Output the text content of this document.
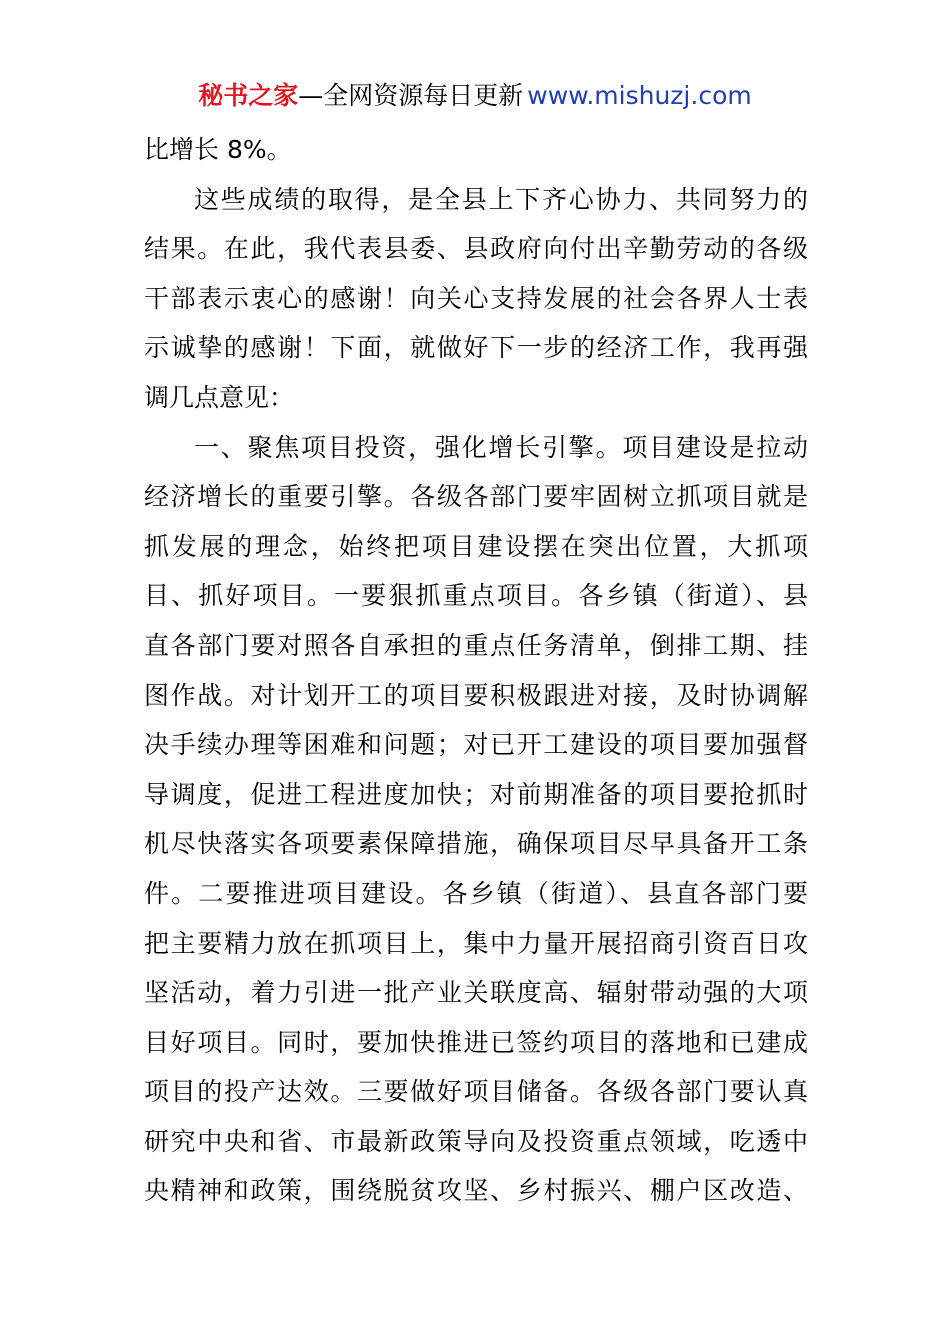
秘书之家—全网资源每日更新 www.mishuzj.com
比增长 8%。
这些成绩的取得，是全县上下齐心协力、共同努力的
结果。在此，我代表县委、县政府向付出辛勤劳动的各级
干部表示衷心的感谢！向关心支持发展的社会各界人士表
示诚挚的感谢！下面，就做好下一步的经济工作，我再强
调几点意见：
一、聚焦项目投资，强化增长引擎。项目建设是拉动
经济增长的重要引擎。各级各部门要牢固树立抓项目就是
抓发展的理念，始终把项目建设摆在突出位置，大抓项
目、抓好项目。一要狠抓重点项目。各乡镇（街道）、县
直各部门要对照各自承担的重点任务清单，倒排工期、挂
图作战。对计划开工的项目要积极跟进对接，及时协调解
决手续办理等困难和问题；对已开工建设的项目要加强督
导调度，促进工程进度加快；对前期准备的项目要抢抓时
机尽快落实各项要素保障措施，确保项目尽早具备开工条
件。二要推进项目建设。各乡镇（街道）、县直各部门要
把主要精力放在抓项目上，集中力量开展招商引资百日攻
坚活动，着力引进一批产业关联度高、辐射带动强的大项
目好项目。同时，要加快推进已签约项目的落地和已建成
项目的投产达效。三要做好项目储备。各级各部门要认真
研究中央和省、市最新政策导向及投资重点领域，吃透中
央精神和政策，围绕脱贫攻坚、乡村振兴、棚户区改造、
